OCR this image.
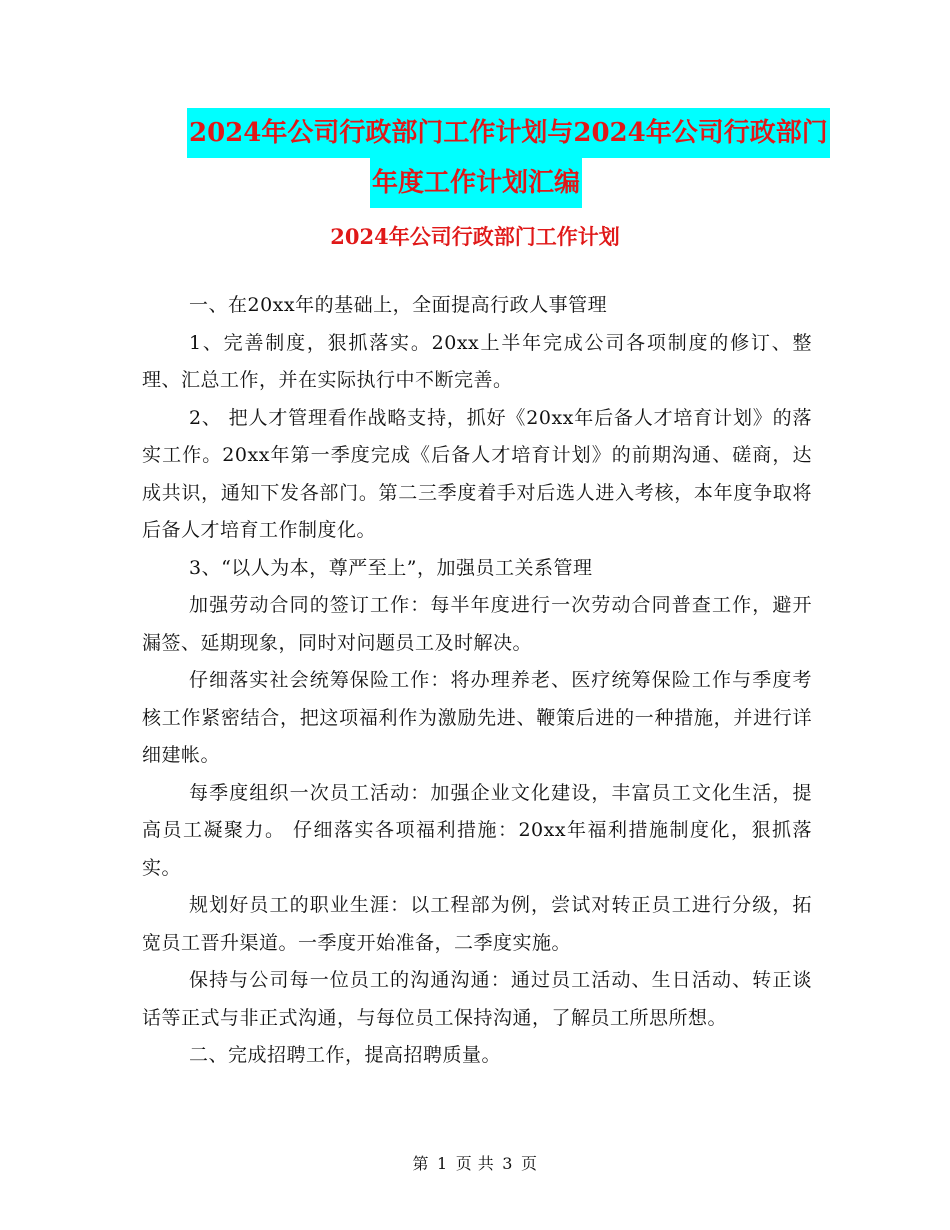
2024年公司行政部门工作计划与2024年公司行政部门
年度工作计划汇编
2024年公司行政部门工作计划

一、在20xx年的基础上，全面提高行政人事管理

1、完善制度，狠抓落实。20xx上半年完成公司各项制度的修订、整理、汇总工作，并在实际执行中不断完善。

2、 把人才管理看作战略支持，抓好《20xx年后备人才培育计划》的落实工作。20xx年第一季度完成《后备人才培育计划》的前期沟通、磋商，达成共识，通知下发各部门。第二三季度着手对后选人进入考核，本年度争取将后备人才培育工作制度化。

3、“以人为本，尊严至上”，加强员工关系管理

加强劳动合同的签订工作：每半年度进行一次劳动合同普查工作，避开漏签、延期现象，同时对问题员工及时解决。

仔细落实社会统筹保险工作：将办理养老、医疗统筹保险工作与季度考核工作紧密结合，把这项福利作为激励先进、鞭策后进的一种措施，并进行详细建帐。

每季度组织一次员工活动：加强企业文化建设，丰富员工文化生活，提高员工凝聚力。 仔细落实各项福利措施：20xx年福利措施制度化，狠抓落实。

规划好员工的职业生涯：以工程部为例，尝试对转正员工进行分级，拓宽员工晋升渠道。一季度开始准备，二季度实施。

保持与公司每一位员工的沟通沟通：通过员工活动、生日活动、转正谈话等正式与非正式沟通，与每位员工保持沟通，了解员工所思所想。

二、完成招聘工作，提高招聘质量。

第 1 页 共 3 页
